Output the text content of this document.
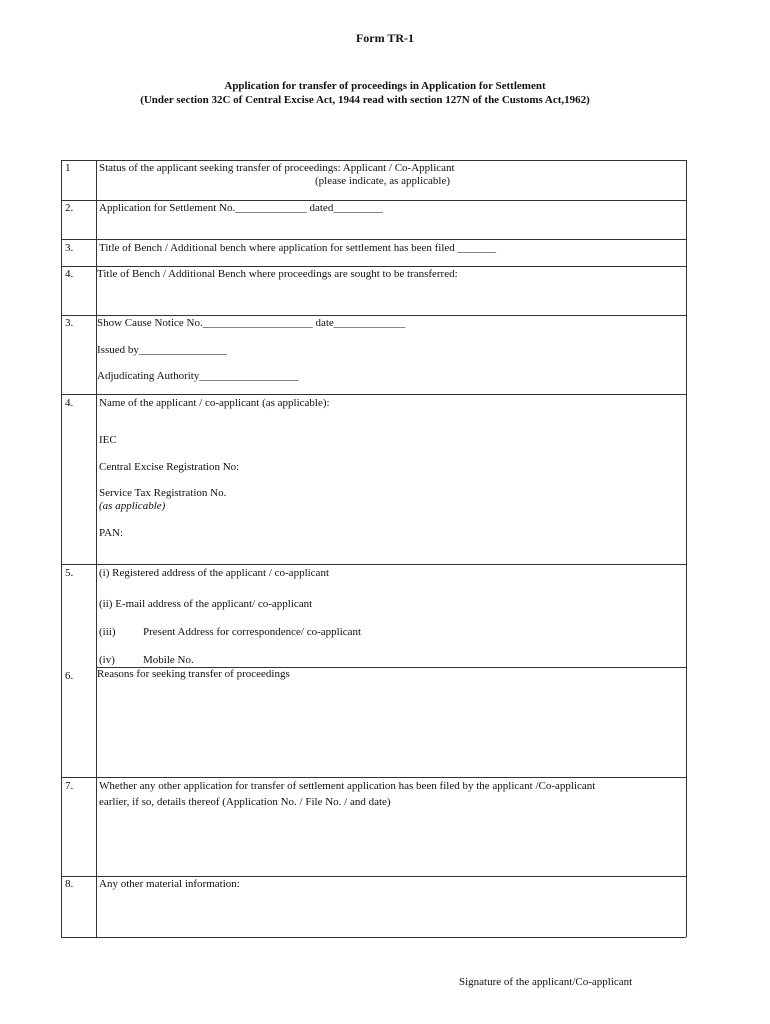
Form TR-1
Application for transfer of proceedings in Application for Settlement
(Under section 32C of Central Excise Act, 1944 read with section 127N of the Customs Act,1962)
1	Status of the applicant seeking transfer of proceedings: Applicant / Co-Applicant
(please indicate, as applicable)
2. Application for Settlement No._____________ dated_________
3. Title of Bench / Additional bench where application for settlement has been filed _______
4. Title of Bench / Additional Bench where proceedings are sought to be transferred:
3. Show Cause Notice No.____________________ date_____________
Issued by________________
Adjudicating Authority__________________
4. Name of the applicant / co-applicant (as applicable):
IEC
Central Excise Registration No:
Service Tax Registration No.
(as applicable)
PAN:
5. (i) Registered address of the applicant / co-applicant
(ii) E-mail address of the applicant/ co-applicant
(iii)	Present Address for correspondence/ co-applicant
(iv)	Mobile No.
6. Reasons for seeking transfer of proceedings
7. Whether any other application for transfer of settlement application has been filed by the applicant /Co-applicant
earlier, if so, details thereof (Application No. / File No. / and date)
8. Any other material information:
Signature of the applicant/Co-applicant
